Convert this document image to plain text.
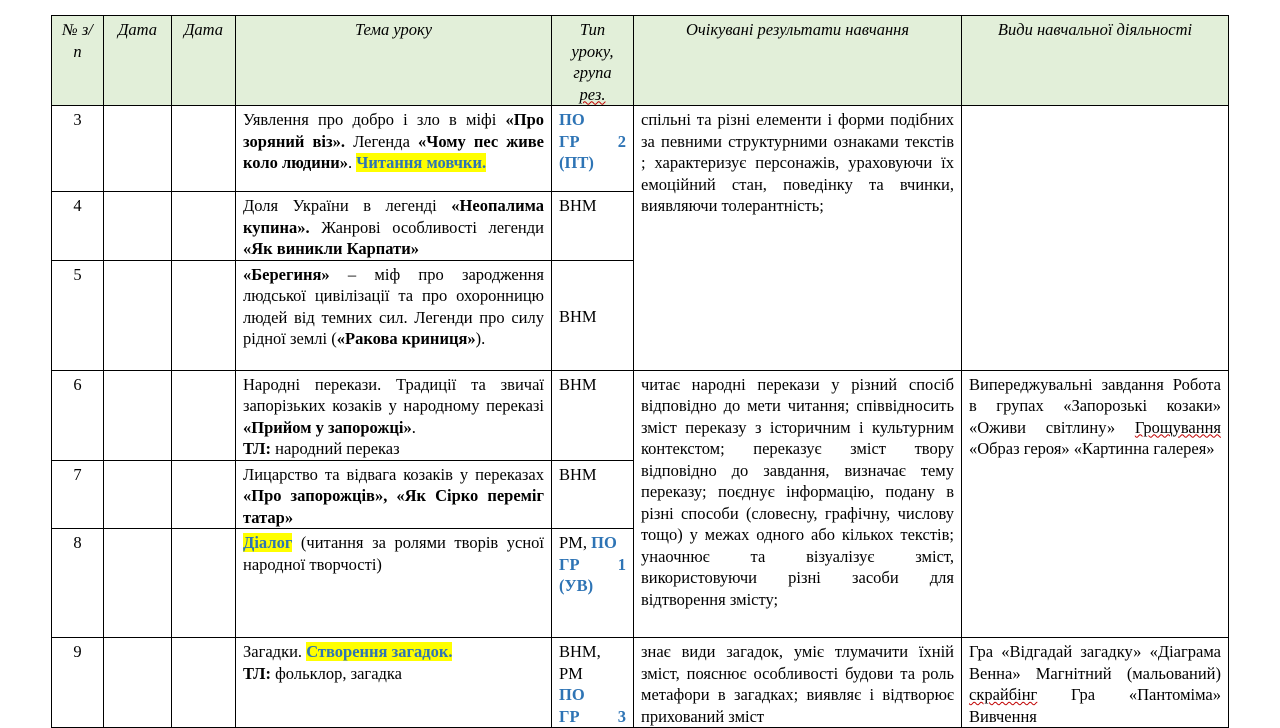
№ з/п	Дата	Дата	Тема уроку	Тип
уроку,
група
рез.	Очікувані результати навчання	Види навчальної діяльності
3			Уявлення про добро і зло в міфі «Про зоряний віз». Легенда «Чому пес живе коло людини». Читання мовчки.	ПО

ГР 2
(ПТ)	спільні та різні елементи і форми подібних за певними структурними ознаками текстів ; характеризує персонажів, ураховуючи їх емоційний стан, поведінку та вчинки, виявляючи толерантність;	
4			Доля України в легенді «Неопалима купина». Жанрові особливості легенди «Як виникли Карпати»	ВНМ		
5			«Берегиня» – міф про зародження людської цивілізації та про охоронницю людей від темних сил. Легенди про силу рідної землі («Ракова криниця»).	ВНМ		
6			Народні перекази. Традиції та звичаї запорізьких козаків у народному переказі «Прийом у запорожці».
ТЛ: народний переказ	ВНМ	читає народні перекази у різний спосіб відповідно до мети читання; співвідносить зміст переказу з історичним і культурним контекстом; переказує зміст твору відповідно до завдання, визначає тему переказу; поєднує інформацію, подану в різні способи (словесну, графічну, числову тощо) у межах одного або кількох текстів; унаочнює та візуалізує зміст, використовуючи різні засоби для відтворення змісту;	Випереджувальні завдання Робота в групах «Запорозькі козаки» «Оживи світлину» Грощування «Образ героя» «Картинна галерея»
7			Лицарство та відвага козаків у переказах «Про запорожців», «Як Сірко переміг татар»	ВНМ		
8			Діалог (читання за ролями творів усної народної творчості)	РМ, ПО

ГР 1
(УВ)		
9			Загадки. Створення загадок.
ТЛ: фольклор, загадка	ВНМ,
РМ
ПО

ГР 3	знає види загадок, уміє тлумачити їхній зміст, пояснює особливості будови та роль метафори в загадках; виявляє і відтворює прихований зміст	Гра «Відгадай загадку» «Діаграма Венна» Магнітний (мальований) скрайбінг Гра «Пантоміма» Вивчення
